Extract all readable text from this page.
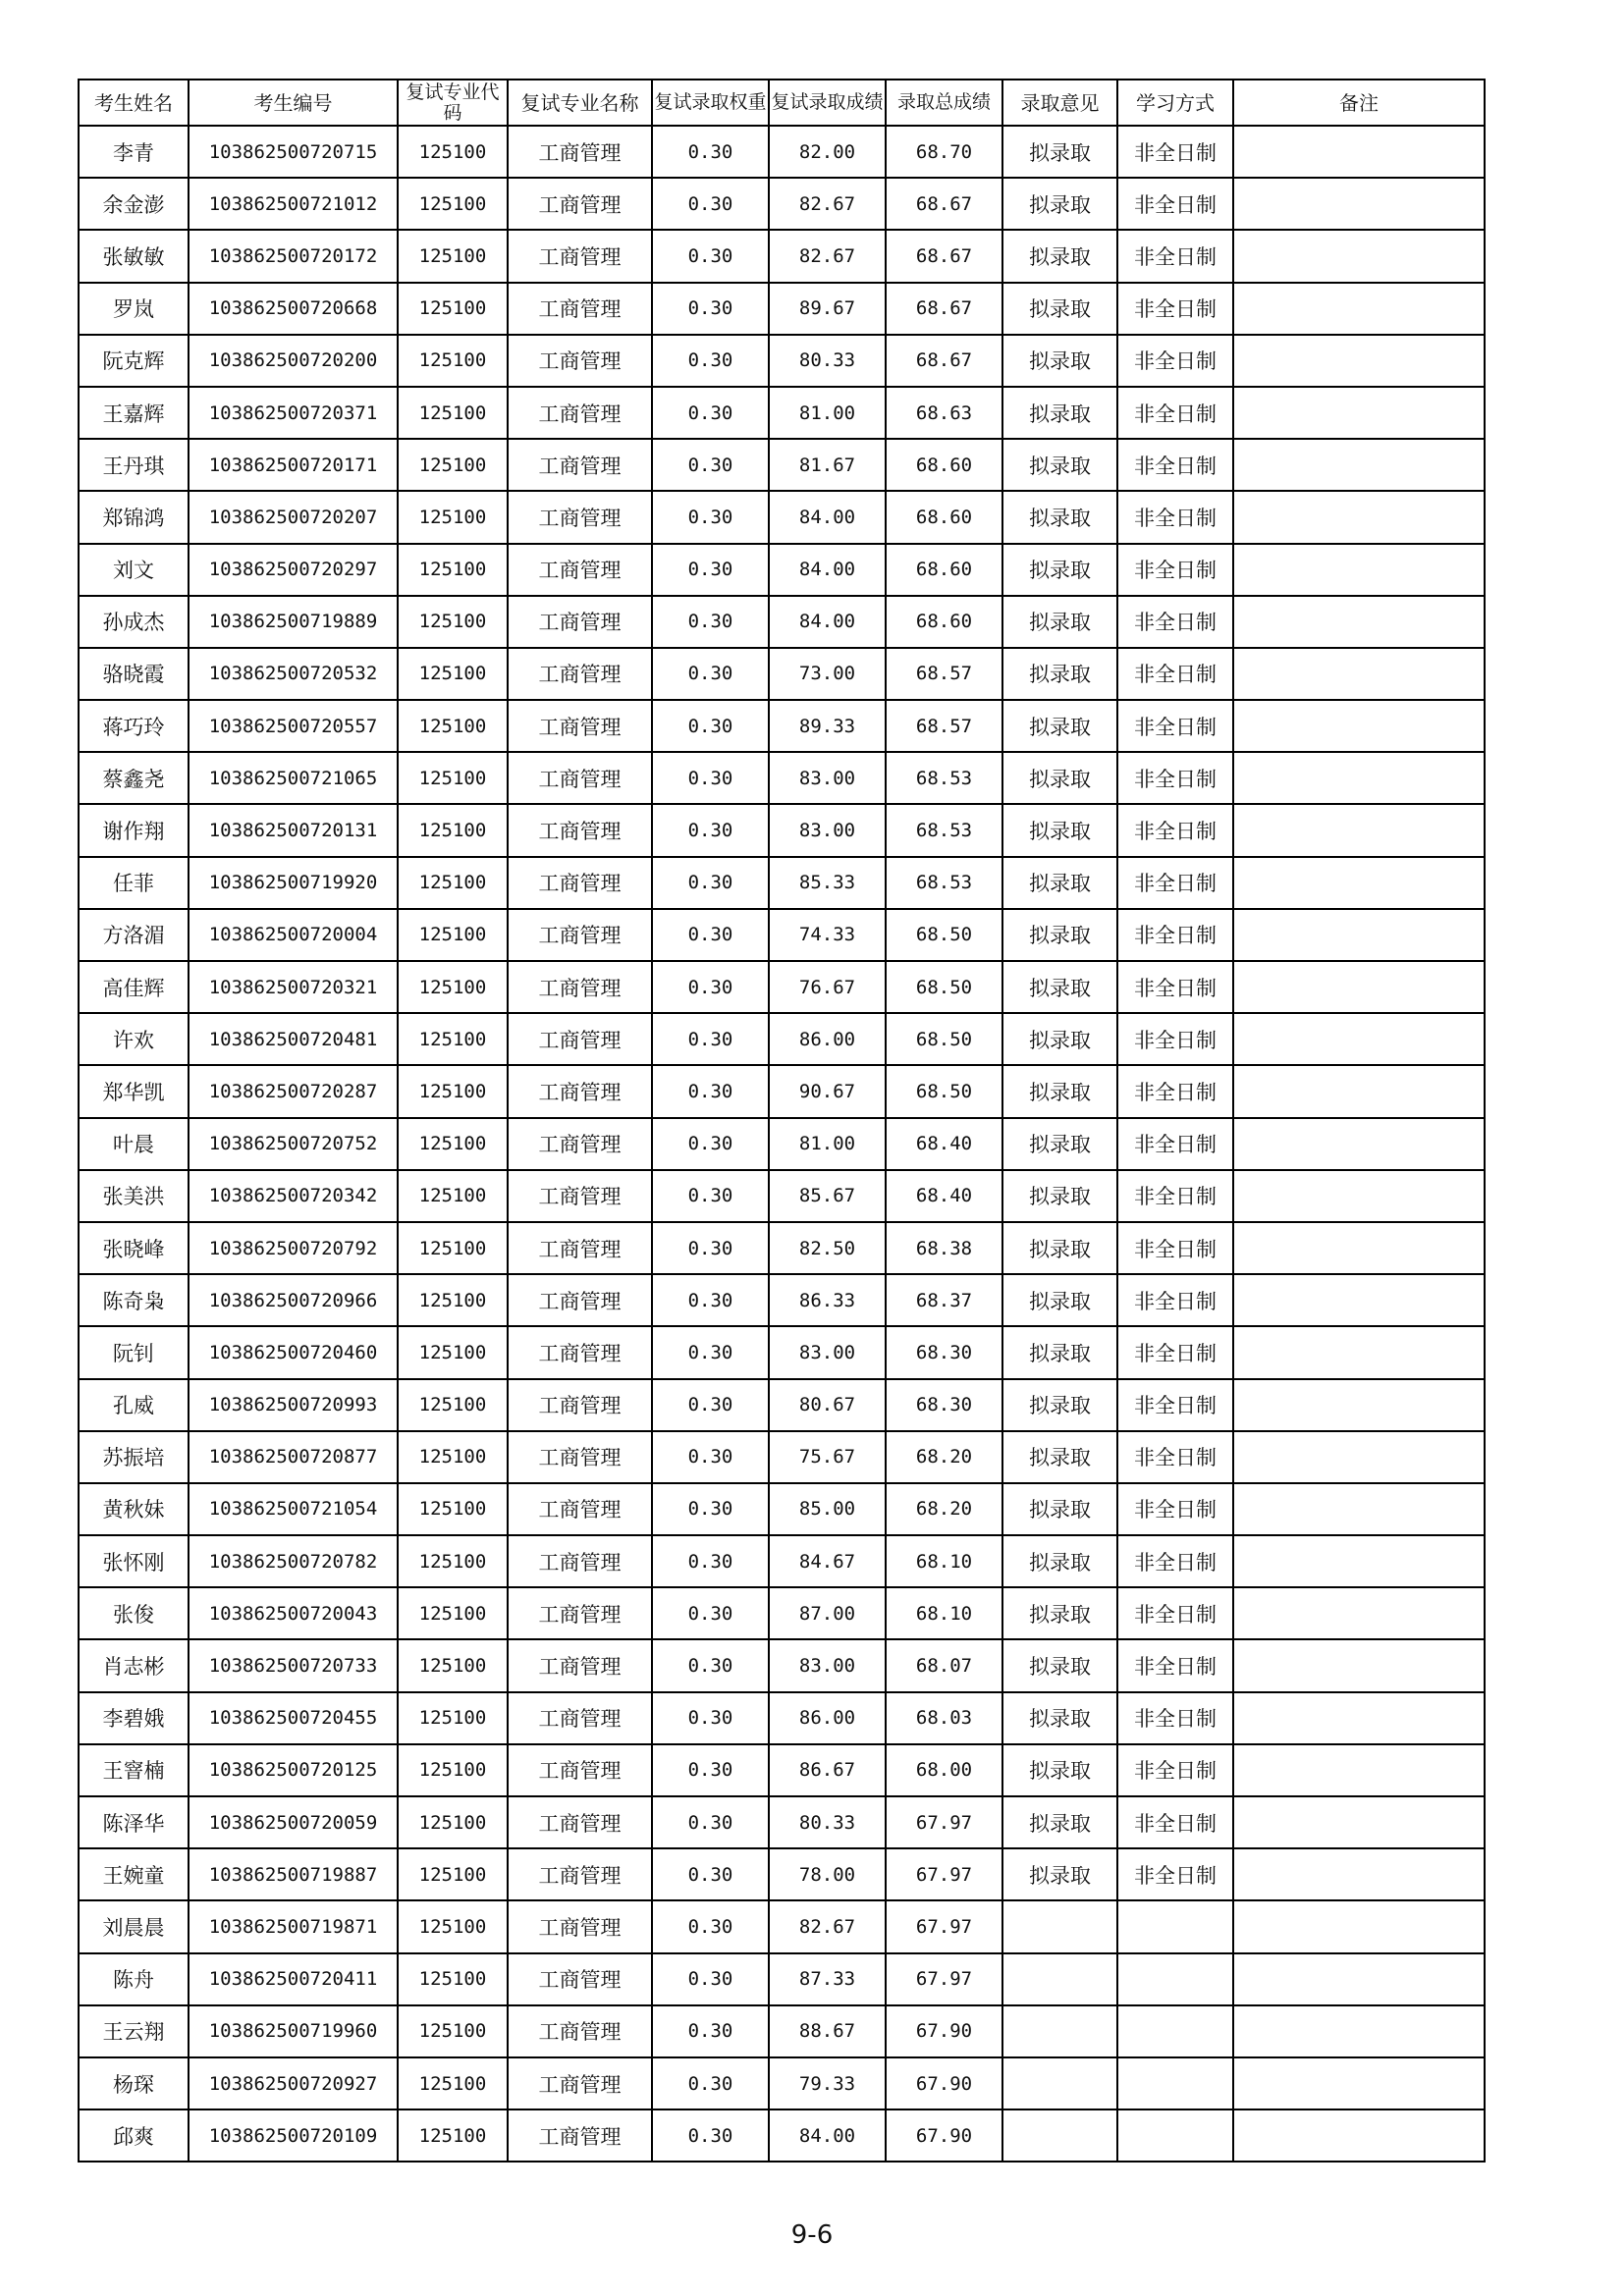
考生姓名	考生编号	复试专业代码	复试专业名称	复试录取权重	复试录取成绩	录取总成绩	录取意见	学习方式	备注
李青	103862500720715	125100	工商管理	0.30	82.00	68.70	拟录取	非全日制	
余金澎	103862500721012	125100	工商管理	0.30	82.67	68.67	拟录取	非全日制	
张敏敏	103862500720172	125100	工商管理	0.30	82.67	68.67	拟录取	非全日制	
罗岚	103862500720668	125100	工商管理	0.30	89.67	68.67	拟录取	非全日制	
阮克辉	103862500720200	125100	工商管理	0.30	80.33	68.67	拟录取	非全日制	
王嘉辉	103862500720371	125100	工商管理	0.30	81.00	68.63	拟录取	非全日制	
王丹琪	103862500720171	125100	工商管理	0.30	81.67	68.60	拟录取	非全日制	
郑锦鸿	103862500720207	125100	工商管理	0.30	84.00	68.60	拟录取	非全日制	
刘文	103862500720297	125100	工商管理	0.30	84.00	68.60	拟录取	非全日制	
孙成杰	103862500719889	125100	工商管理	0.30	84.00	68.60	拟录取	非全日制	
骆晓霞	103862500720532	125100	工商管理	0.30	73.00	68.57	拟录取	非全日制	
蒋巧玲	103862500720557	125100	工商管理	0.30	89.33	68.57	拟录取	非全日制	
蔡鑫尧	103862500721065	125100	工商管理	0.30	83.00	68.53	拟录取	非全日制	
谢作翔	103862500720131	125100	工商管理	0.30	83.00	68.53	拟录取	非全日制	
任菲	103862500719920	125100	工商管理	0.30	85.33	68.53	拟录取	非全日制	
方洛湄	103862500720004	125100	工商管理	0.30	74.33	68.50	拟录取	非全日制	
高佳辉	103862500720321	125100	工商管理	0.30	76.67	68.50	拟录取	非全日制	
许欢	103862500720481	125100	工商管理	0.30	86.00	68.50	拟录取	非全日制	
郑华凯	103862500720287	125100	工商管理	0.30	90.67	68.50	拟录取	非全日制	
叶晨	103862500720752	125100	工商管理	0.30	81.00	68.40	拟录取	非全日制	
张美洪	103862500720342	125100	工商管理	0.30	85.67	68.40	拟录取	非全日制	
张晓峰	103862500720792	125100	工商管理	0.30	82.50	68.38	拟录取	非全日制	
陈奇枭	103862500720966	125100	工商管理	0.30	86.33	68.37	拟录取	非全日制	
阮钊	103862500720460	125100	工商管理	0.30	83.00	68.30	拟录取	非全日制	
孔威	103862500720993	125100	工商管理	0.30	80.67	68.30	拟录取	非全日制	
苏振培	103862500720877	125100	工商管理	0.30	75.67	68.20	拟录取	非全日制	
黄秋妹	103862500721054	125100	工商管理	0.30	85.00	68.20	拟录取	非全日制	
张怀刚	103862500720782	125100	工商管理	0.30	84.67	68.10	拟录取	非全日制	
张俊	103862500720043	125100	工商管理	0.30	87.00	68.10	拟录取	非全日制	
肖志彬	103862500720733	125100	工商管理	0.30	83.00	68.07	拟录取	非全日制	
李碧娥	103862500720455	125100	工商管理	0.30	86.00	68.03	拟录取	非全日制	
王窨楠	103862500720125	125100	工商管理	0.30	86.67	68.00	拟录取	非全日制	
陈泽华	103862500720059	125100	工商管理	0.30	80.33	67.97	拟录取	非全日制	
王婉童	103862500719887	125100	工商管理	0.30	78.00	67.97	拟录取	非全日制	
刘晨晨	103862500719871	125100	工商管理	0.30	82.67	67.97			
陈舟	103862500720411	125100	工商管理	0.30	87.33	67.97			
王云翔	103862500719960	125100	工商管理	0.30	88.67	67.90			
杨琛	103862500720927	125100	工商管理	0.30	79.33	67.90			
邱爽	103862500720109	125100	工商管理	0.30	84.00	67.90			
9-6
